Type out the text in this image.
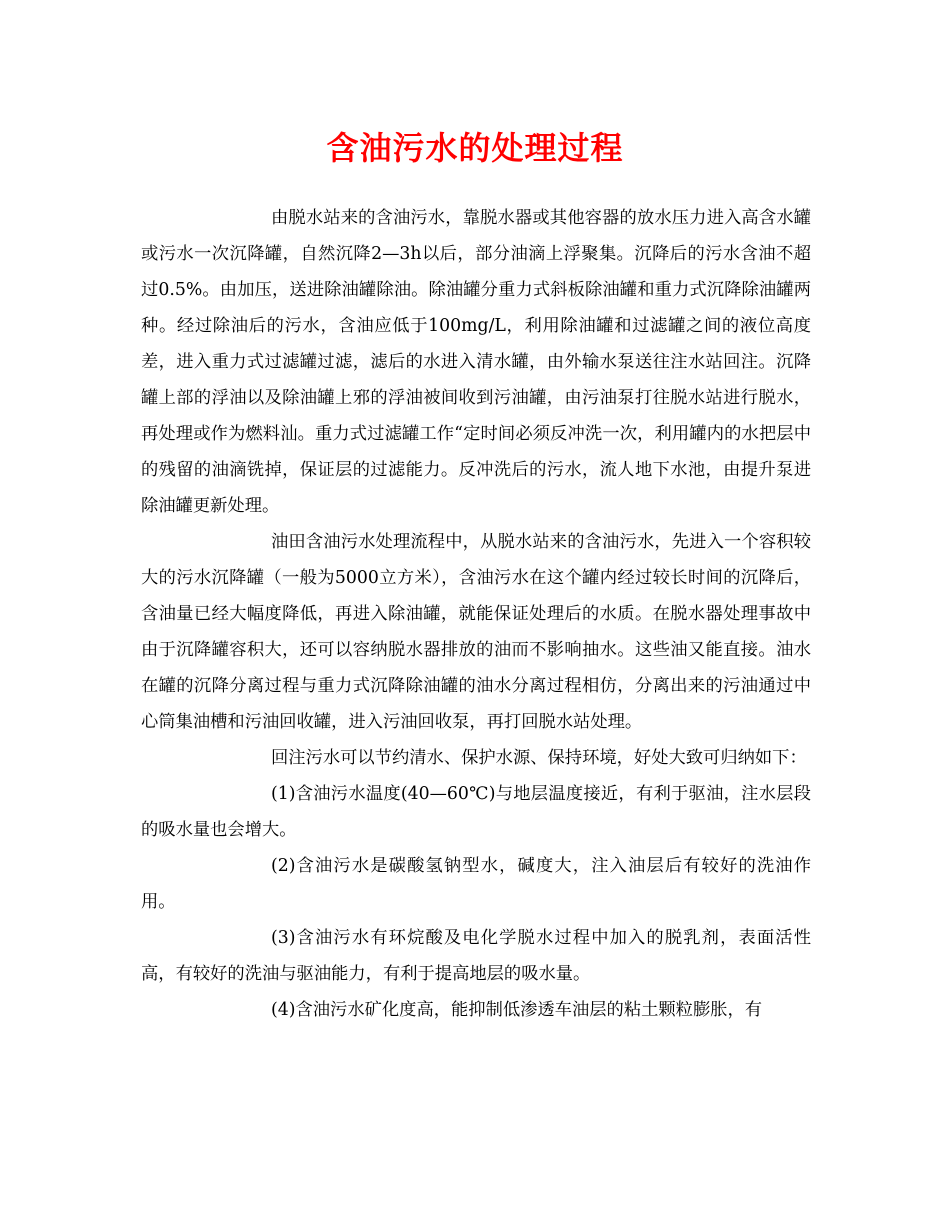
含油污水的处理过程

由脱水站来的含油污水，靠脱水器或其他容器的放水压力进入高含水罐或污水一次沉降罐，自然沉降2—3h以后，部分油滴上浮聚集。沉降后的污水含油不超过0.5%。由加压，送进除油罐除油。除油罐分重力式斜板除油罐和重力式沉降除油罐两种。经过除油后的污水，含油应低于100mg/L，利用除油罐和过滤罐之间的液位高度差，进入重力式过滤罐过滤，滤后的水进入清水罐，由外输水泵送往注水站回注。沉降罐上部的浮油以及除油罐上邪的浮油被间收到污油罐，由污油泵打往脱水站进行脱水，再处理或作为燃料汕。重力式过滤罐工作“定时间必须反冲洗一次，利用罐内的水把层中的残留的油滴铣掉，保证层的过滤能力。反冲洗后的污水，流人地下水池，由提升泵进除油罐更新处理。

油田含油污水处理流程中，从脱水站来的含油污水，先进入一个容积较大的污水沉降罐（一般为5000立方米），含油污水在这个罐内经过较长时间的沉降后，含油量已经大幅度降低，再进入除油罐，就能保证处理后的水质。在脱水器处理事故中由于沉降罐容积大，还可以容纳脱水器排放的油而不影响抽水。这些油又能直接。油水在罐的沉降分离过程与重力式沉降除油罐的油水分离过程相仿，分离出来的污油通过中心筒集油槽和污油回收罐，进入污油回收泵，再打回脱水站处理。

回注污水可以节约清水、保护水源、保持环境，好处大致可归纳如下：

(1)含油污水温度(40—60℃)与地层温度接近，有利于驱油，注水层段的吸水量也会增大。

(2)含油污水是碳酸氢钠型水，碱度大，注入油层后有较好的洗油作用。

(3)含油污水有环烷酸及电化学脱水过程中加入的脱乳剂，表面活性高，有较好的洗油与驱油能力，有利于提高地层的吸水量。

(4)含油污水矿化度高，能抑制低渗透车油层的粘土颗粒膨胀，有
